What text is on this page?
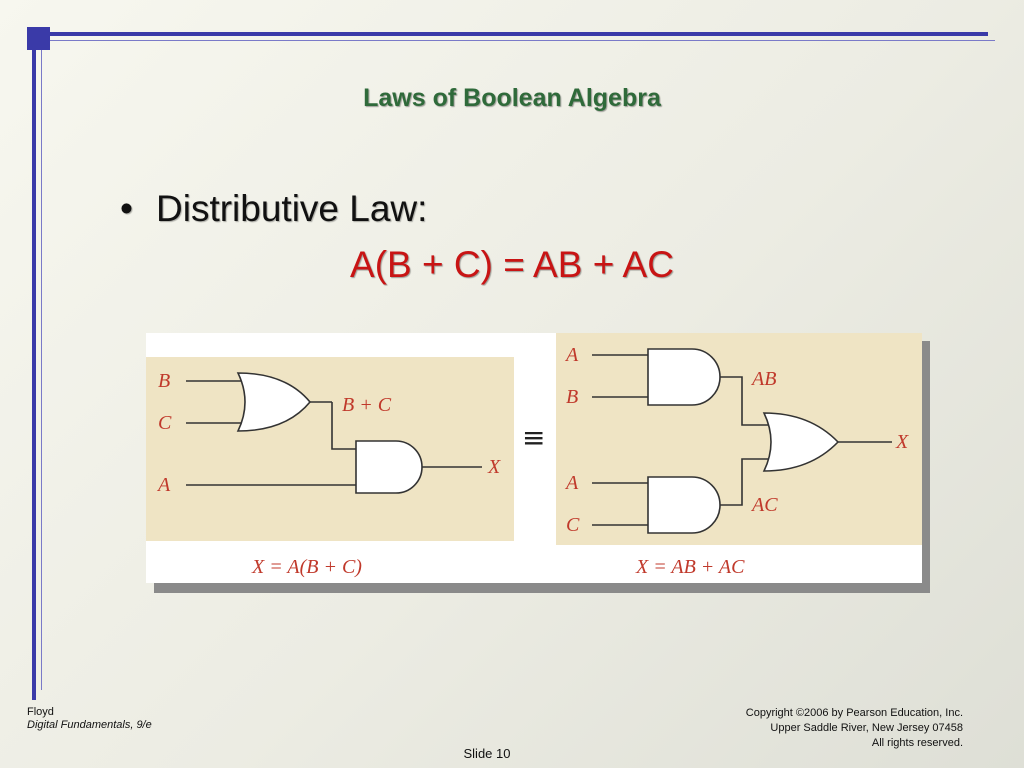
Laws of Boolean Algebra
• Distributive Law:
A(B + C) = AB + AC
B
C
A
B + C
X
X = A(B + C)
≡
A
B
A
C
AB
AC
X
X = AB + AC
Floyd
Digital Fundamentals, 9/e
Copyright ©2006 by Pearson Education, Inc.
Upper Saddle River, New Jersey 07458
All rights reserved.
Slide 10
